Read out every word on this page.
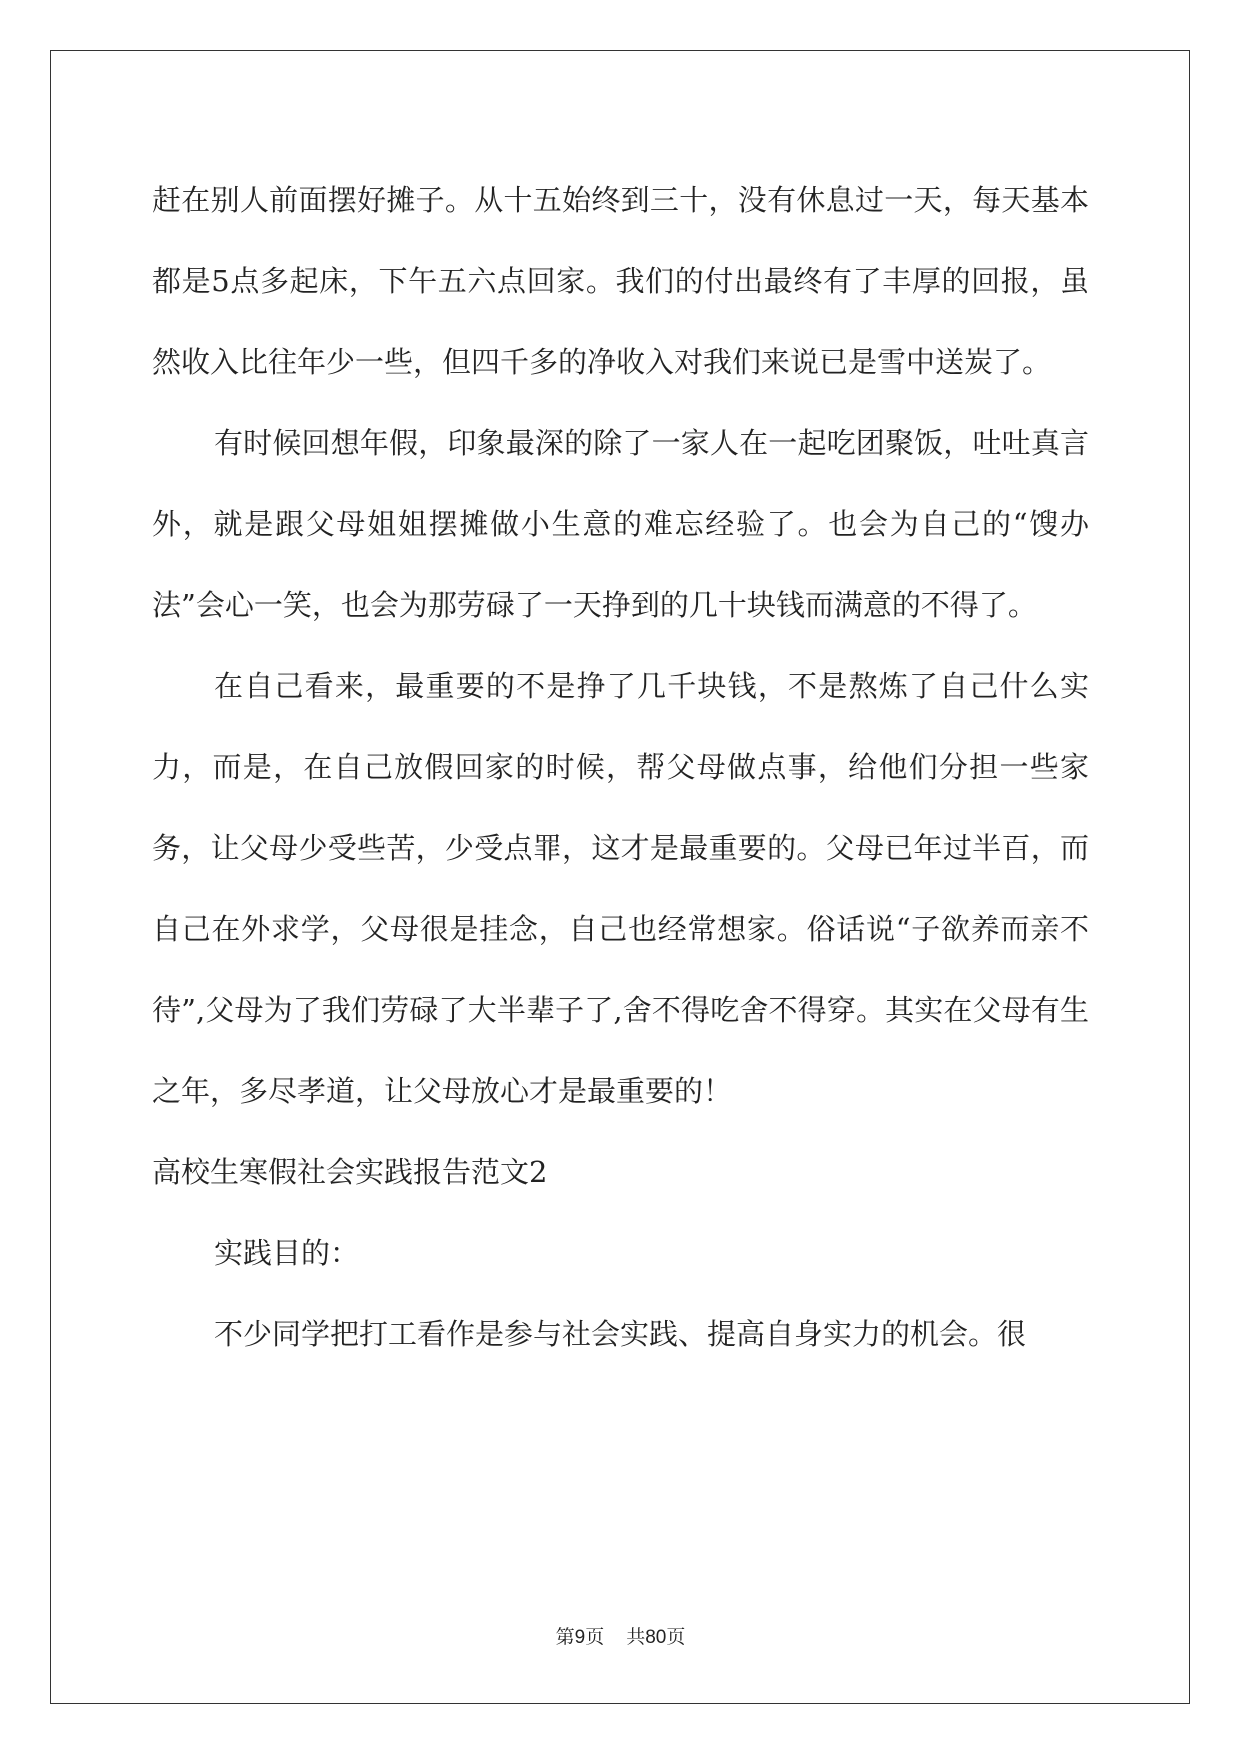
赶在别人前面摆好摊子。从十五始终到三十，没有休息过一天，每天基本都是5点多起床，下午五六点回家。我们的付出最终有了丰厚的回报，虽然收入比往年少一些，但四千多的净收入对我们来说已是雪中送炭了。

有时候回想年假，印象最深的除了一家人在一起吃团聚饭，吐吐真言外，就是跟父母姐姐摆摊做小生意的难忘经验了。也会为自己的“馊办法”会心一笑，也会为那劳碌了一天挣到的几十块钱而满意的不得了。

在自己看来，最重要的不是挣了几千块钱，不是熬炼了自己什么实力，而是，在自己放假回家的时候，帮父母做点事，给他们分担一些家务，让父母少受些苦，少受点罪，这才是最重要的。父母已年过半百，而自己在外求学，父母很是挂念，自己也经常想家。俗话说“子欲养而亲不待”,父母为了我们劳碌了大半辈子了,舍不得吃舍不得穿。其实在父母有生之年，多尽孝道，让父母放心才是最重要的！

高校生寒假社会实践报告范文2

实践目的：

不少同学把打工看作是参与社会实践、提高自身实力的机会。很

第9页 共80页
